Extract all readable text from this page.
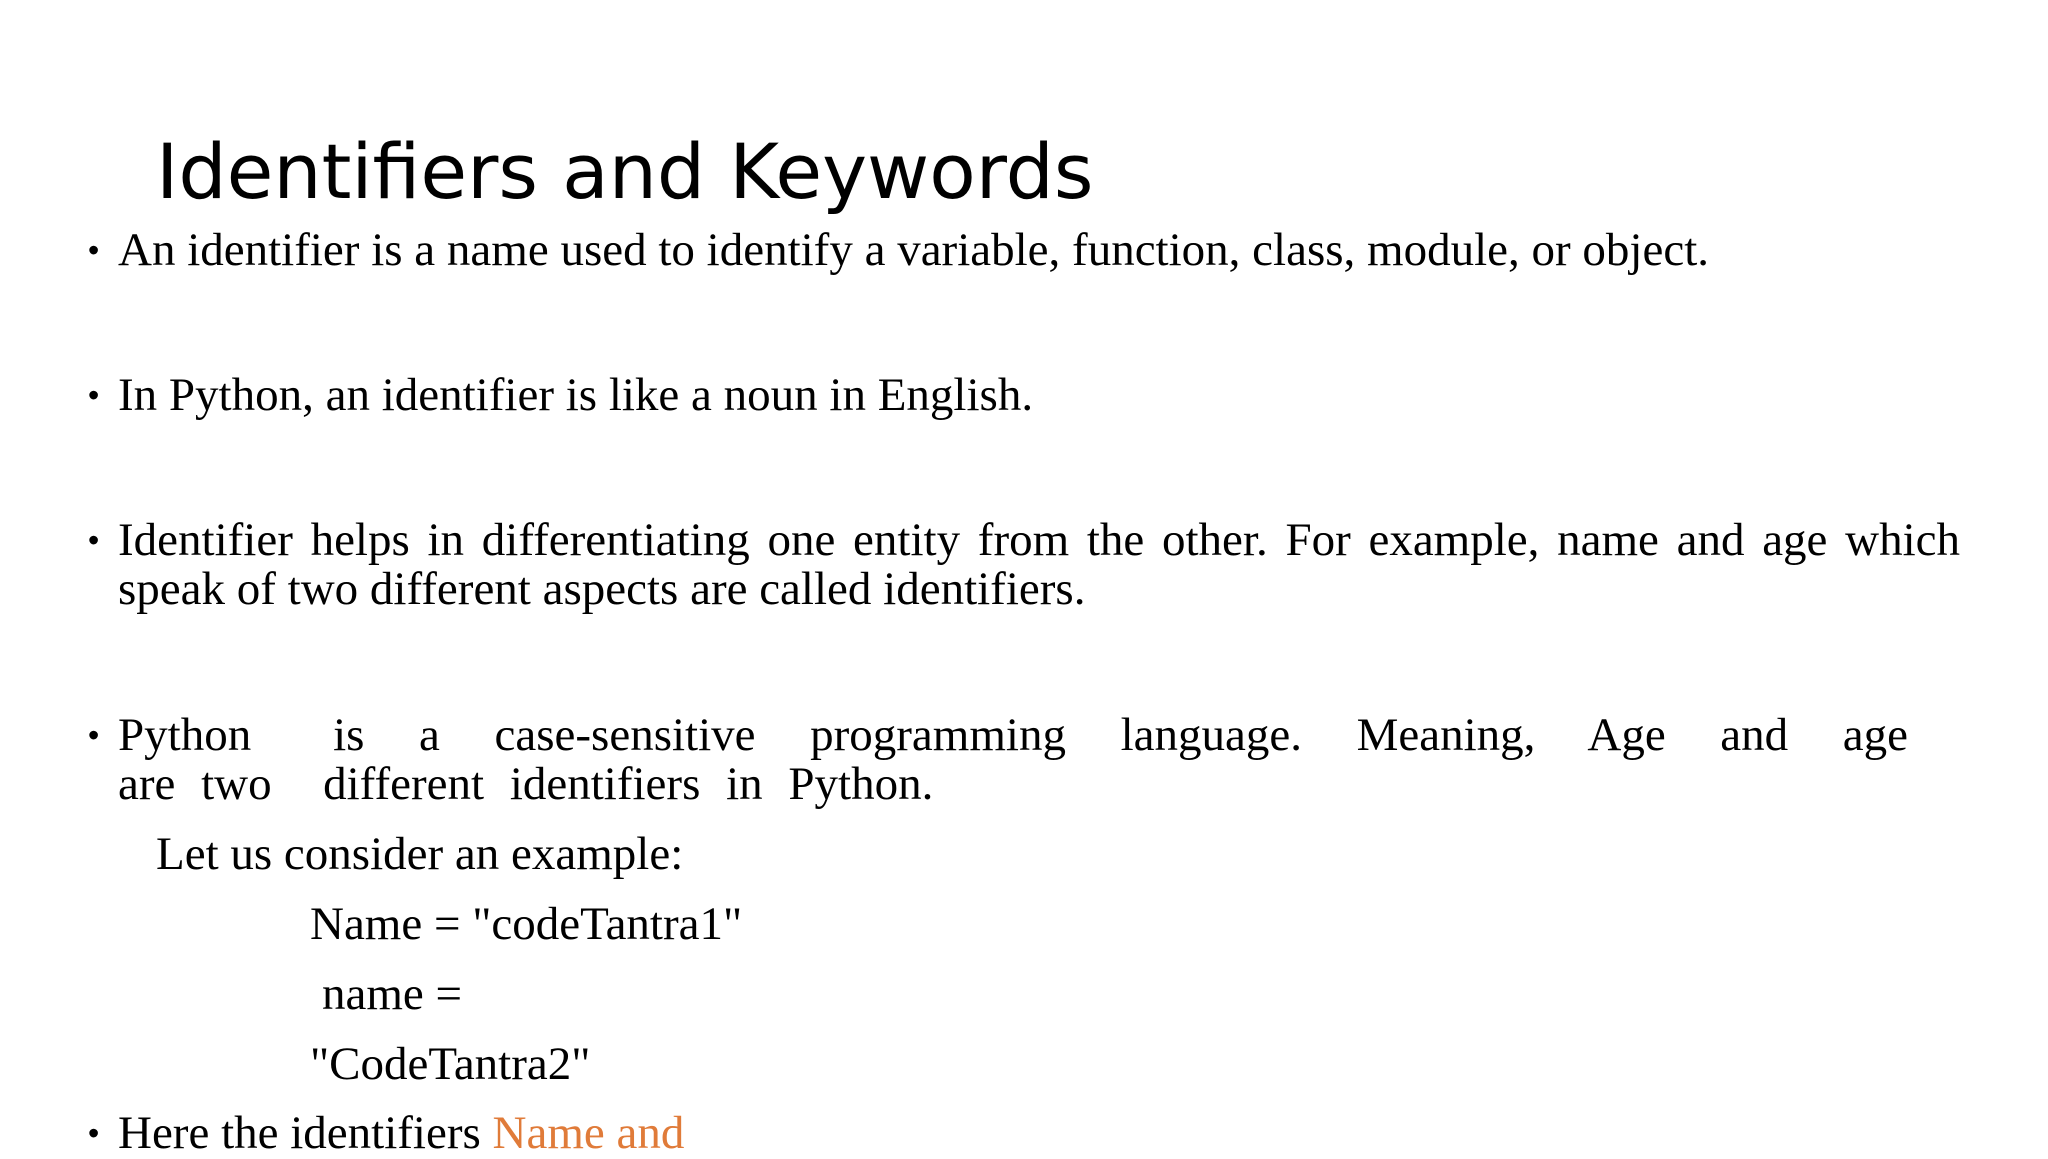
Identifiers and Keywords
• An identifier is a name used to identify a variable, function, class, module, or object.
• In Python, an identifier is like a noun in English.
• Identifier helps in differentiating one entity from the other. For example, name and age which speak of two different aspects are called identifiers.
• Python   is  a  case-sensitive  programming  language.  Meaning,  Age  and  age  are two  different identifiers in Python.

Let us consider an example:

Name = "codeTantra1"

name =

"CodeTantra2"

• Here the identifiers Name and
